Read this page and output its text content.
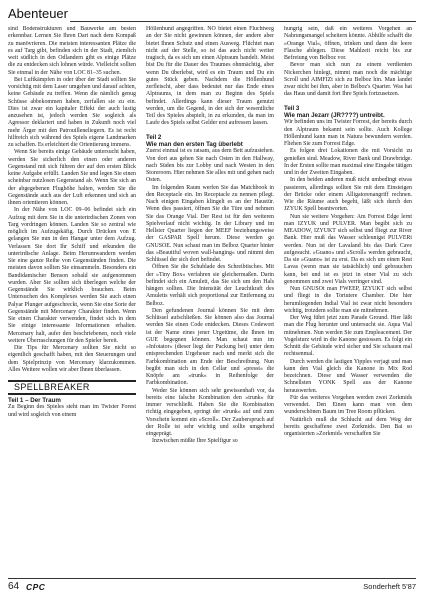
Abenteuer

sind Bodenstrukturen und Bauwerke am besten erkennbar. Lernen Sie Ihren Dart nach dem Kompaß zu manövrieren. Die meisten interessanten Plätze die es auf Targ gibt, befinden sich in der Stadt, ziemlich weit südlich in den Odlandern gibt es einige Plätze die zu entdecken sich lohnen würde. Vielleicht sollten Sie einmal in der Nähe von LOC 81–35 suchen.

Bei Luftkämpfen in oder über der Stadt sollten Sie vorsichtig mit dem Laser umgehen und darauf achten, keine Gebäude zu treffen. Wenn die nämlich genug Schüsse abbekommen haben, zerfallen sie zu ein. Dies ist zwar ein kapitaler Effekt der auch lustig anzusehen ist, jedoch werden Sie sogleich als Agressor deklariert und haben in Zukunft noch viel mehr Ärger mit den Patrouilleneliegern. Es ist recht hilfreich sich während des Spiels eigene Landmarken zu schaffen. Es erleichtert die Orientierung immens.

Wenn Sie bereits einige Gebäude untersucht haben, werden Sie sicherlich den einen oder anderen Gegenstand mit sich führen der auf den ersten Blick keine Aufgabe erfüllt. Landen Sie und legen Sie einen scheinbar nutzlosen Gegenstand ab. Wenn Sie sich an der abgegebenen Flughöhe halten, werden Sie die Gegenstände auch aus der Luft erkennen und sich an ihnen orientieren können.

In der Nähe von LOC 09–06 befindet sich ein Aufzug mit dem Sie in die unterirdischen Zonen von Targ vordringen können. Landen Sie so zentral wie möglich im Aufzugskäfig. Durch Drücken von E gelangen Sie nun in den Hangar unter dem Aufzug. Verlassen Sie dort Ihr Schiff und erkunden die unterirdische Anlage. Beim Herumwandern werden Sie eine ganze Reihe von Gegenständen finden. Die meisten davon sollten Sie einsammeln. Besonders ein Bandidamischer Benson sobald sie aufgenommen wurden. Aber Sie sollten sich überlegen welche der Gegenstände Sie wirklich brauchen. Beim Untersuchen des Komplexes werden Sie auch einen Palyar Plunger aufgeschreckt, wenn Sie eine Sorte der Gegenstände mit Mercenary Charakter finden. Wenn Sie einen Charakter verwenden, findet sich in dem Sie einige interessante Informationen erhalten. Mercenary halt, aufer den beschriebenen, noch viele weitere Überraschungen für den Spieler bereit.

Die Tips für Mercenary sollten Sie nicht so eigentlich geschafft haben, mit den Steuerungen und dem Spielprinzip von Mercenary klarzukommen. Alles Weitere wollen wir aber Ihnen überlassen.

SPELLBREAKER
Teil 1 – Der Traum

Zu Beginn des Spieles steht man im Twister Forest und wird sogleich von einem

Höllenhund angegriffen. NO bietet einen Fluchtweg an der Sie nicht gewinnen können, der andere aber bietet Ihnen Schutz und einen Ausweg. Flüchtet man nicht auf der Stelle, so ist das auch nicht weiter tragisch, da es sich um einen Alptraum handelt. Meist bist Du für die Dauer des Traumes ohnmächtig, aber wenn Du überlebst, wird es ein Traum und Du ein gutes Stück geben. Nachdem die Höllenhund zerfleischt, aber dass bedeutet nur das Ende eines Alptraums, in dem man zu Beginn des Spiels befindet. Allerdings kann dieser Traum genutzt werden, um die Gegend, in der sich der wesentliche Teil des Spieles abspielt, in zu erkunden, da man im Laufe des Spiels selbst Gelder erst aufressen lassen.

Teil 2
Wie man den ersten Tag überlebt

Zuerst einmal ist es ratsam, aus dem Bett aufzustehen. Von dort aus gehen Sie nach Osten in den Hallway, nach Süden bis zur Lobby und nach Westen in den Storeroom. Hier nehmen Sie alles mit und gehen nach Osten.

Im folgenden Raum werfen Sie das Matchbook in den Receptacle ein. Im Receptacle zu nennen pflegt. Nach einigen Eingaben klingelt es an der Haustür. Wenn dies passiert, öffnen Sie die Türe und nehmen Sie das Orange Vial. Der Rest ist für den weiteren Spielverlauf nicht wichtig. In der Library und im Hellster Quarter liegen der MEEF beziehungsweise der GASPAR Spell herum. Diese werden go GNUSOE. Nun schaut man im Belboz Quarter hinter das »Beautiful woven wall-hanging« und nimmt den Schlüssel der sich dort befindet.

Öffnen Sie die Schublade des Schreibtisches. Mit der »Tiny Box« verfahren sie gleichermaßen. Darin befindet sich ein Amulett, das Sie sich um den Hals hängen sollten. Die Intensität der Leuchtkraft des Amuletts verhält sich proportional zur Entfernung zu Belboz.

Den gefundenen Journal können Sie mit dem Schlüssel aufschließen. Sie können also das Journal werden Sie einen Code entdecken. Dieses Codewort ist der Name eines jener Urgetüme, die Ihnen im GUE begegnen können. Man schaut nun im »Infotator« (dieser liegt der Packung bei) unter dem entsprechenden Urgeheuer nach und merkt sich die Farbkombination am Ende der Beschreibung. Nun begibt man sich in den Cellar und »presst« die Knöpfe am »trunk« in Reihenfolge der Farbkombination.

Weder Sie können sich sehr gewissenhaft vor, da bereits eine falsche Kombination den »trunk« für immer verschließt. Haben Sie die Kombination richtig eingegeben, springt der »trunk« auf und zum Vorschein kommt ein »Scroll«. Der Zauberspruch auf der Rolle ist sehr wichtig und sollte umgehend eingeprägt.

Inzwischen müßte Ihre Spielfigur so

hungrig sein, daß ein weiteres Vorgehen an Nahrungsmangel scheitern könnte. Abhilfe schafft die »Orange Vial«, öffnen, trinken und dann die leere Flasche ablegen. Diese Mahlzeit reicht bis zur Befreiung von Belboz vor.

Bevor man sich nun zu einem verdienten Nickerchen hinlegt, nimmt man noch die mächtige Scroll und AIMFIZt sich zu Belboz hin. Man landet zwar nicht bei ihm, aber in Belboz's Quarter. Was hat das Haus und damit fort Ihre Spiels fortzusetzen.

Teil 3
Wie man Jezarr (JR????) untreibt.

Wir befinden uns im Twister Forrest, der bereits durch den Alptraum bekannt sein sollte. Auch Kollege Höllenhund kann man in Natura bewundern werden. Fliehen Sie zum Forrest Edge.

Es folgen drei Lokationen die mit Vorsicht zu genießen sind. Meadow, River Bank und Drawbridge. In der Ersten sollte man maximal eine Eingabe tätigen und in der Zweiten Eingaben.

In den beiden anderen muß nicht umbedingt etwas passieren, allerdings sollten Sie mit dem Einsteigen der Brücke oder einem Alligatorenangriff rechnen. Wie die Räume auch begeht, läßt sich durch den JZYUK Spell beantworten.

Nun sie weitere Vorgehen: Am Forrest Edge lernt man IZYUK und PULVER. Man begibt sich zu MEADOW, IZYUKT sich selbst und fliegt zur River Bank. Hier muß das Wasser schleunigst PULVERt werden. Nun ist der Lavaland bis das Dark Cave aufgesucht. »Guano« und »Scroll« werden gebraucht, Da sie »Guano« ist zu erst. Da es sich um einen Rest Lavas (wenn man sie tatsächlich) und gebrauchen kann, bei und ist es jetzt in einer Vial zu sich genommen und zwei Vials verringer sind.

Nun GNUSOt man FWEEP, IZYUKT sich selbst und fliegt in die Tortutere Chamber. Die hier herumliegenden Indial Vial ist zwar nicht besonders wichtig, trotzdem sollte man sie mitnehmen.

Der Weg führt jetzt zum Parade Ground. Hier läßt man die Flug herunter und untersucht sie. Aqua Vial mitnehmen. Nun werden Sie zum Empleacement. Der Vogelsturz wird in die Kanone gestossen. Es folgt ein Schnitt die Gebäude wird sicher und Sie schauen mal rechtsenmal.

Durch werden die lastigen Yipples verjagt und man kann den Vial gleich die Kanone in Mix Rod bezeichnen. Diese und Wasser verwenden die Schnellsten YONK Spell aus der Kanone herauswerfen.

Für das weiteres Vorgehen werden zwei Zorkmids verwendet. Den Einen kann man von dem wunderschönen Baum im Tree Room pflücken.

Natürlich muß die Schlucht auf dem Weg der bereits geschaffene zwei Zorkmids. Den Bai so organisierten »Zorkmid« verschaffen Sie

64 CPC	Sonderheft 5'87
